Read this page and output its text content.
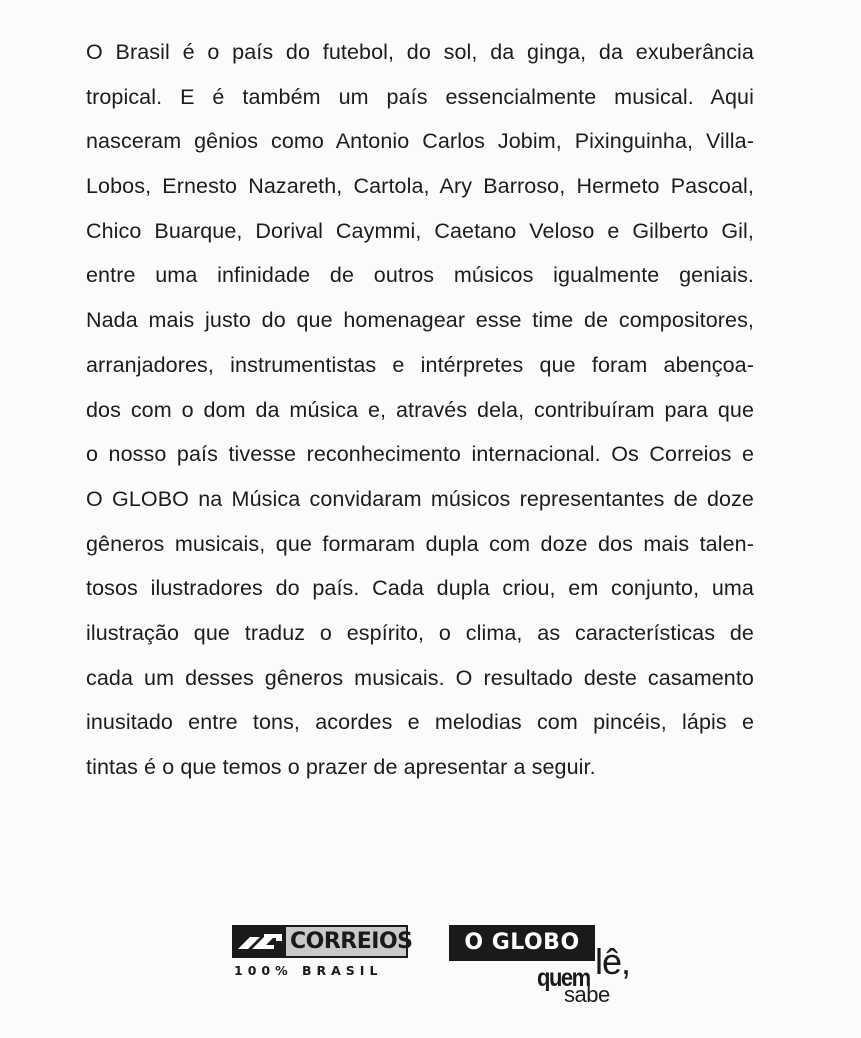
O Brasil é o país do futebol, do sol, da ginga, da exuberância
tropical. E é também um país essencialmente musical. Aqui
nasceram gênios como Antonio Carlos Jobim, Pixinguinha, Villa-
Lobos, Ernesto Nazareth, Cartola, Ary Barroso, Hermeto Pascoal,
Chico Buarque, Dorival Caymmi, Caetano Veloso e Gilberto Gil,
entre uma infinidade de outros músicos igualmente geniais.
Nada mais justo do que homenagear esse time de compositores,
arranjadores, instrumentistas e intérpretes que foram abençoa-
dos com o dom da música e, através dela, contribuíram para que
o nosso país tivesse reconhecimento internacional. Os Correios e
O GLOBO na Música convidaram músicos representantes de doze
gêneros musicais, que formaram dupla com doze dos mais talen-
tosos ilustradores do país. Cada dupla criou, em conjunto, uma
ilustração que traduz o espírito, o clima, as características de
cada um desses gêneros musicais. O resultado deste casamento
inusitado entre tons, acordes e melodias com pincéis, lápis e
tintas é o que temos o prazer de apresentar a seguir.
CORREIOS
100% BRASIL
O GLOBO
quem lê,
sabe
